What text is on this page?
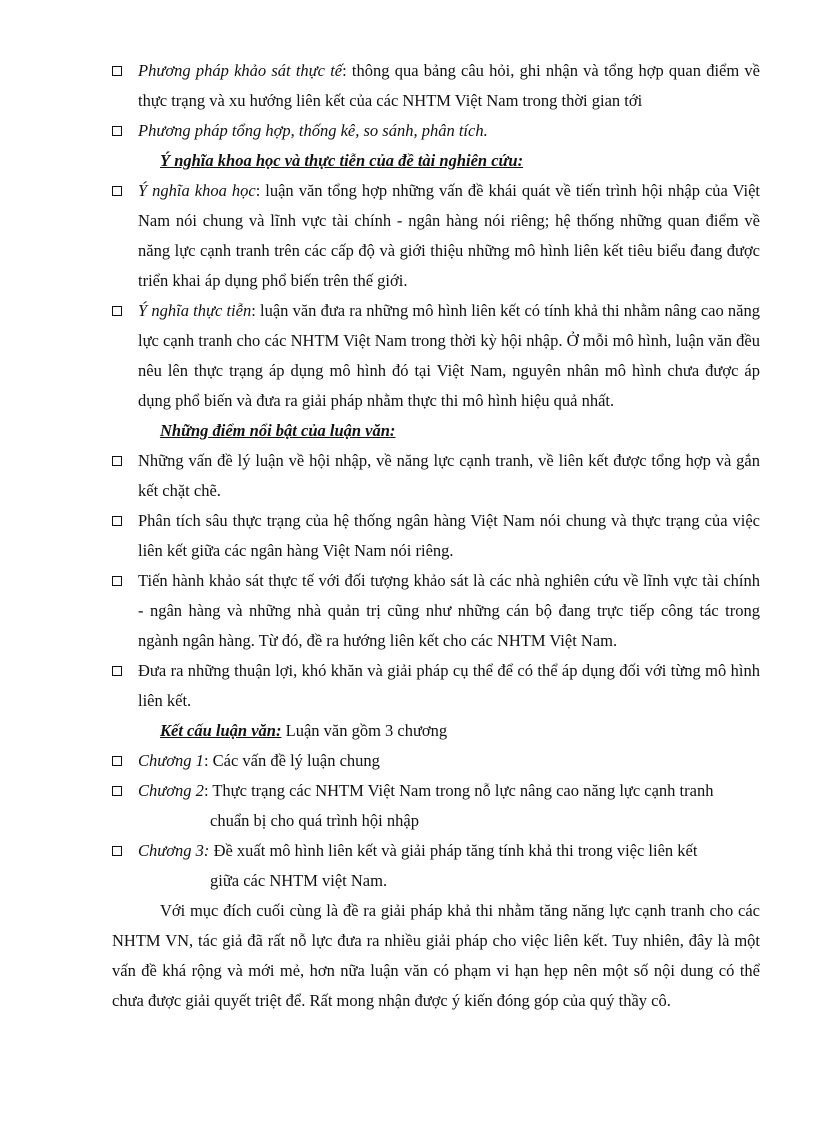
Phương pháp khảo sát thực tế: thông qua bảng câu hỏi, ghi nhận và tổng hợp quan điểm về thực trạng và xu hướng liên kết của các NHTM Việt Nam trong thời gian tới
Phương pháp tổng hợp, thống kê, so sánh, phân tích.

Ý nghĩa khoa học và thực tiễn của đề tài nghiên cứu:

Ý nghĩa khoa học: luận văn tổng hợp những vấn đề khái quát về tiến trình hội nhập của Việt Nam nói chung và lĩnh vực tài chính - ngân hàng nói riêng; hệ thống những quan điểm về năng lực cạnh tranh trên các cấp độ và giới thiệu những mô hình liên kết tiêu biểu đang được triển khai áp dụng phổ biến trên thế giới.
Ý nghĩa thực tiễn: luận văn đưa ra những mô hình liên kết có tính khả thi nhằm nâng cao năng lực cạnh tranh cho các NHTM Việt Nam trong thời kỳ hội nhập. Ở mỗi mô hình, luận văn đều nêu lên thực trạng áp dụng mô hình đó tại Việt Nam, nguyên nhân mô hình chưa được áp dụng phổ biến và đưa ra giải pháp nhằm thực thi mô hình hiệu quả nhất.

Những điểm nổi bật của luận văn:

Những vấn đề lý luận về hội nhập, về năng lực cạnh tranh, về liên kết được tổng hợp và gắn kết chặt chẽ.
Phân tích sâu thực trạng của hệ thống ngân hàng Việt Nam nói chung và thực trạng của việc liên kết giữa các ngân hàng Việt Nam nói riêng.
Tiến hành khảo sát thực tế với đối tượng khảo sát là các nhà nghiên cứu về lĩnh vực tài chính - ngân hàng và những nhà quản trị cũng như những cán bộ đang trực tiếp công tác trong ngành ngân hàng. Từ đó, đề ra hướng liên kết cho các NHTM Việt Nam.
Đưa ra những thuận lợi, khó khăn và giải pháp cụ thể để có thể áp dụng đối với từng mô hình liên kết.

Kết cấu luận văn: Luận văn gồm 3 chương

Chương 1: Các vấn đề lý luận chung
Chương 2: Thực trạng các NHTM Việt Nam trong nỗ lực nâng cao năng lực cạnh tranh
chuẩn bị cho quá trình hội nhập
Chương 3: Đề xuất mô hình liên kết và giải pháp tăng tính khả thi trong việc liên kết
giữa các NHTM việt Nam.

Với mục đích cuối cùng là đề ra giải pháp khả thi nhằm tăng năng lực cạnh tranh cho các NHTM VN, tác giả đã rất nỗ lực đưa ra nhiều giải pháp cho việc liên kết. Tuy nhiên, đây là một vấn đề khá rộng và mới mẻ, hơn nữa luận văn có phạm vi hạn hẹp nên một số nội dung có thể chưa được giải quyết triệt để. Rất mong nhận được ý kiến đóng góp của quý thầy cô.
